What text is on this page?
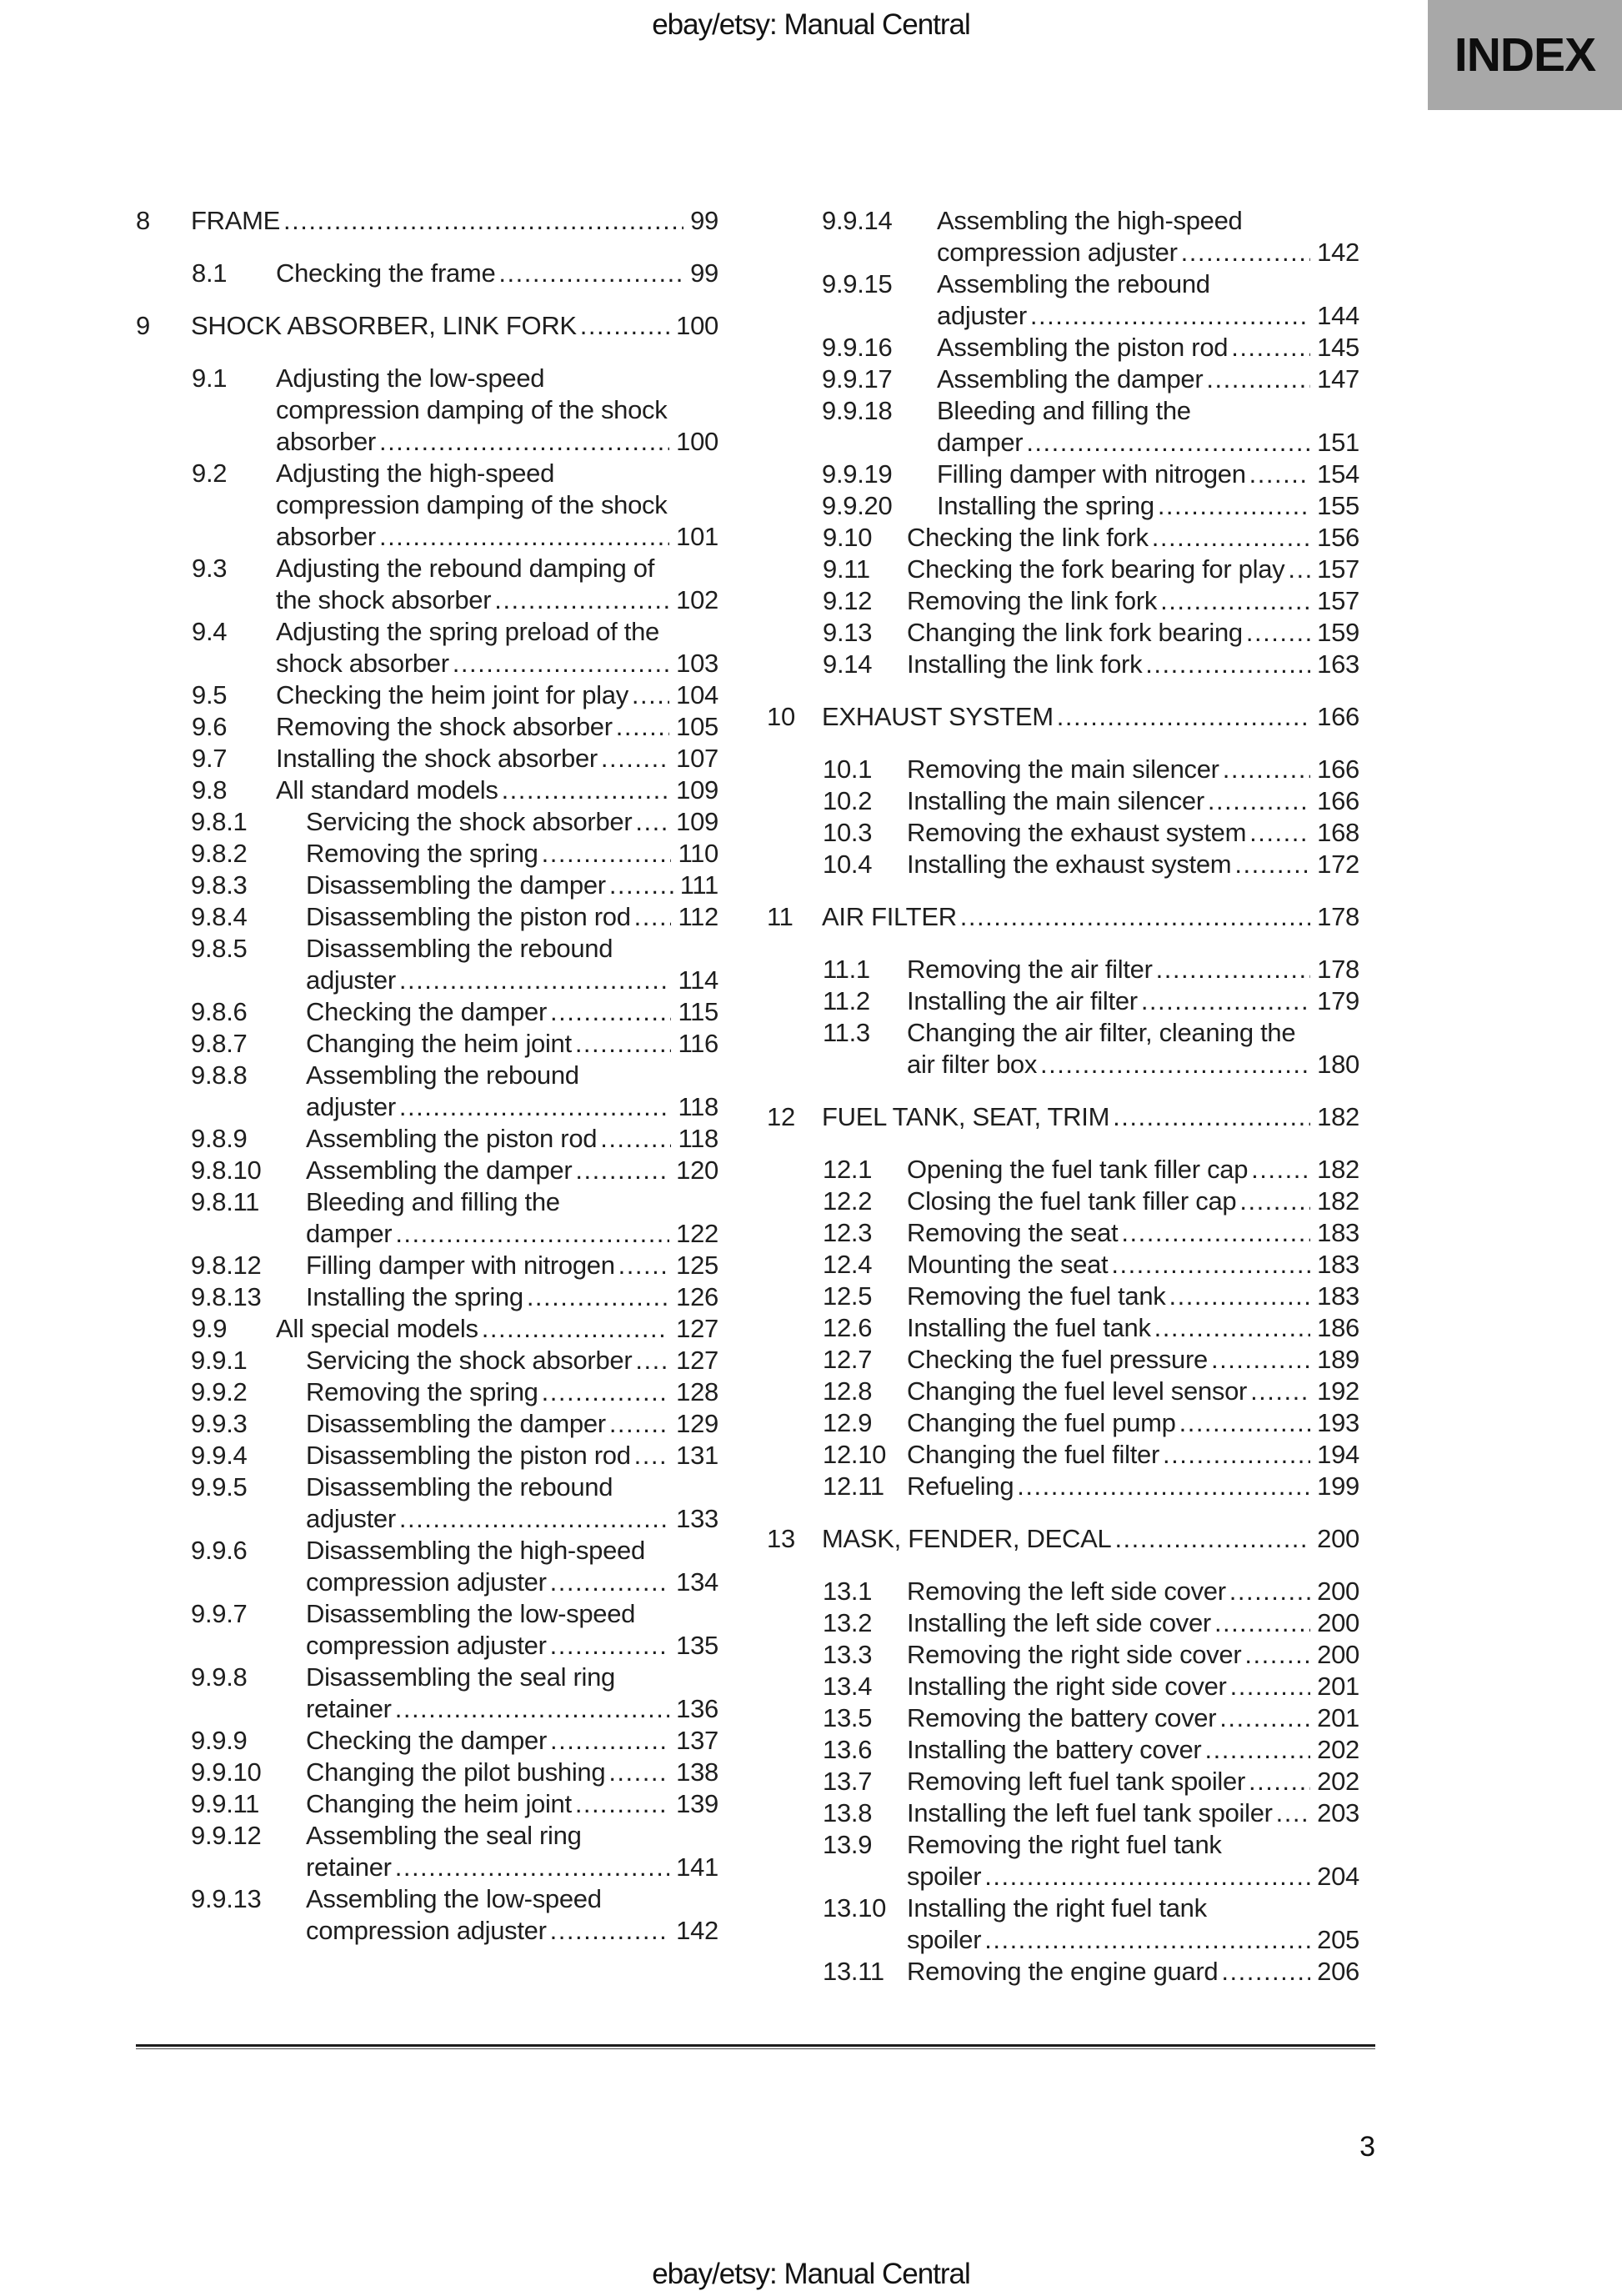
ebay/etsy: Manual Central
INDEX
8	FRAME .....	99
8.1	Checking the frame .....	99
9	SHOCK ABSORBER, LINK FORK .....	100
9.1	Adjusting the low-speed
compression damping of the shock
absorber .....	100
9.2	Adjusting the high-speed
compression damping of the shock
absorber .....	101
9.3	Adjusting the rebound damping of
the shock absorber .....	102
9.4	Adjusting the spring preload of the
shock absorber .....	103
9.5	Checking the heim joint for play ..... 104
9.6	Removing the shock absorber ..... 105
9.7	Installing the shock absorber .....	107
9.8	All standard models .....	109
9.8.1	Servicing the shock absorber ..... 109
9.8.2	Removing the spring .....	110
9.8.3	Disassembling the damper .....	111
9.8.4	Disassembling the piston rod ..... 112
9.8.5	Disassembling the rebound
adjuster .....	114
9.8.6	Checking the damper .....	115
9.8.7	Changing the heim joint .....	116
9.8.8	Assembling the rebound
adjuster .....	118
9.8.9	Assembling the piston rod .....	118
9.8.10	Assembling the damper .....	120
9.8.11	Bleeding and filling the
damper .....	122
9.8.12	Filling damper with nitrogen ..... 125
9.8.13	Installing the spring .....	126
9.9	All special models .....	127
9.9.1	Servicing the shock absorber ..... 127
9.9.2	Removing the spring .....	128
9.9.3	Disassembling the damper .....	129
9.9.4	Disassembling the piston rod ..... 131
9.9.5	Disassembling the rebound
adjuster .....	133
9.9.6	Disassembling the high-speed
compression adjuster .....	134
9.9.7	Disassembling the low-speed
compression adjuster .....	135
9.9.8	Disassembling the seal ring
retainer .....	136
9.9.9	Checking the damper .....	137
9.9.10	Changing the pilot bushing .....	138
9.9.11	Changing the heim joint .....	139
9.9.12	Assembling the seal ring
retainer .....	141
9.9.13	Assembling the low-speed
compression adjuster .....	142
9.9.14	Assembling the high-speed
compression adjuster .....	142
9.9.15	Assembling the rebound
adjuster .....	144
9.9.16	Assembling the piston rod .....	145
9.9.17	Assembling the damper .....	147
9.9.18	Bleeding and filling the
damper .....	151
9.9.19	Filling damper with nitrogen .....	154
9.9.20	Installing the spring .....	155
9.10	Checking the link fork .....	156
9.11	Checking the fork bearing for play ..... 157
9.12	Removing the link fork .....	157
9.13	Changing the link fork bearing .....	159
9.14	Installing the link fork .....	163
10	EXHAUST SYSTEM .....	166
10.1	Removing the main silencer .....	166
10.2	Installing the main silencer .....	166
10.3	Removing the exhaust system .....	168
10.4	Installing the exhaust system .....	172
11	AIR FILTER .....	178
11.1	Removing the air filter .....	178
11.2	Installing the air filter .....	179
11.3	Changing the air filter, cleaning the
air filter box .....	180
12	FUEL TANK, SEAT, TRIM .....	182
12.1	Opening the fuel tank filler cap .....	182
12.2	Closing the fuel tank filler cap .....	182
12.3	Removing the seat .....	183
12.4	Mounting the seat .....	183
12.5	Removing the fuel tank .....	183
12.6	Installing the fuel tank .....	186
12.7	Checking the fuel pressure .....	189
12.8	Changing the fuel level sensor .....	192
12.9	Changing the fuel pump .....	193
12.10 Changing the fuel filter .....	194
12.11 Refueling .....	199
13	MASK, FENDER, DECAL .....	200
13.1	Removing the left side cover .....	200
13.2	Installing the left side cover .....	200
13.3	Removing the right side cover .....	200
13.4	Installing the right side cover .....	201
13.5	Removing the battery cover .....	201
13.6	Installing the battery cover .....	202
13.7	Removing left fuel tank spoiler .....	202
13.8	Installing the left fuel tank spoiler ..... 203
13.9	Removing the right fuel tank
spoiler .....	204
13.10 Installing the right fuel tank
spoiler .....	205
13.11 Removing the engine guard .....	206
3
ebay/etsy: Manual Central
